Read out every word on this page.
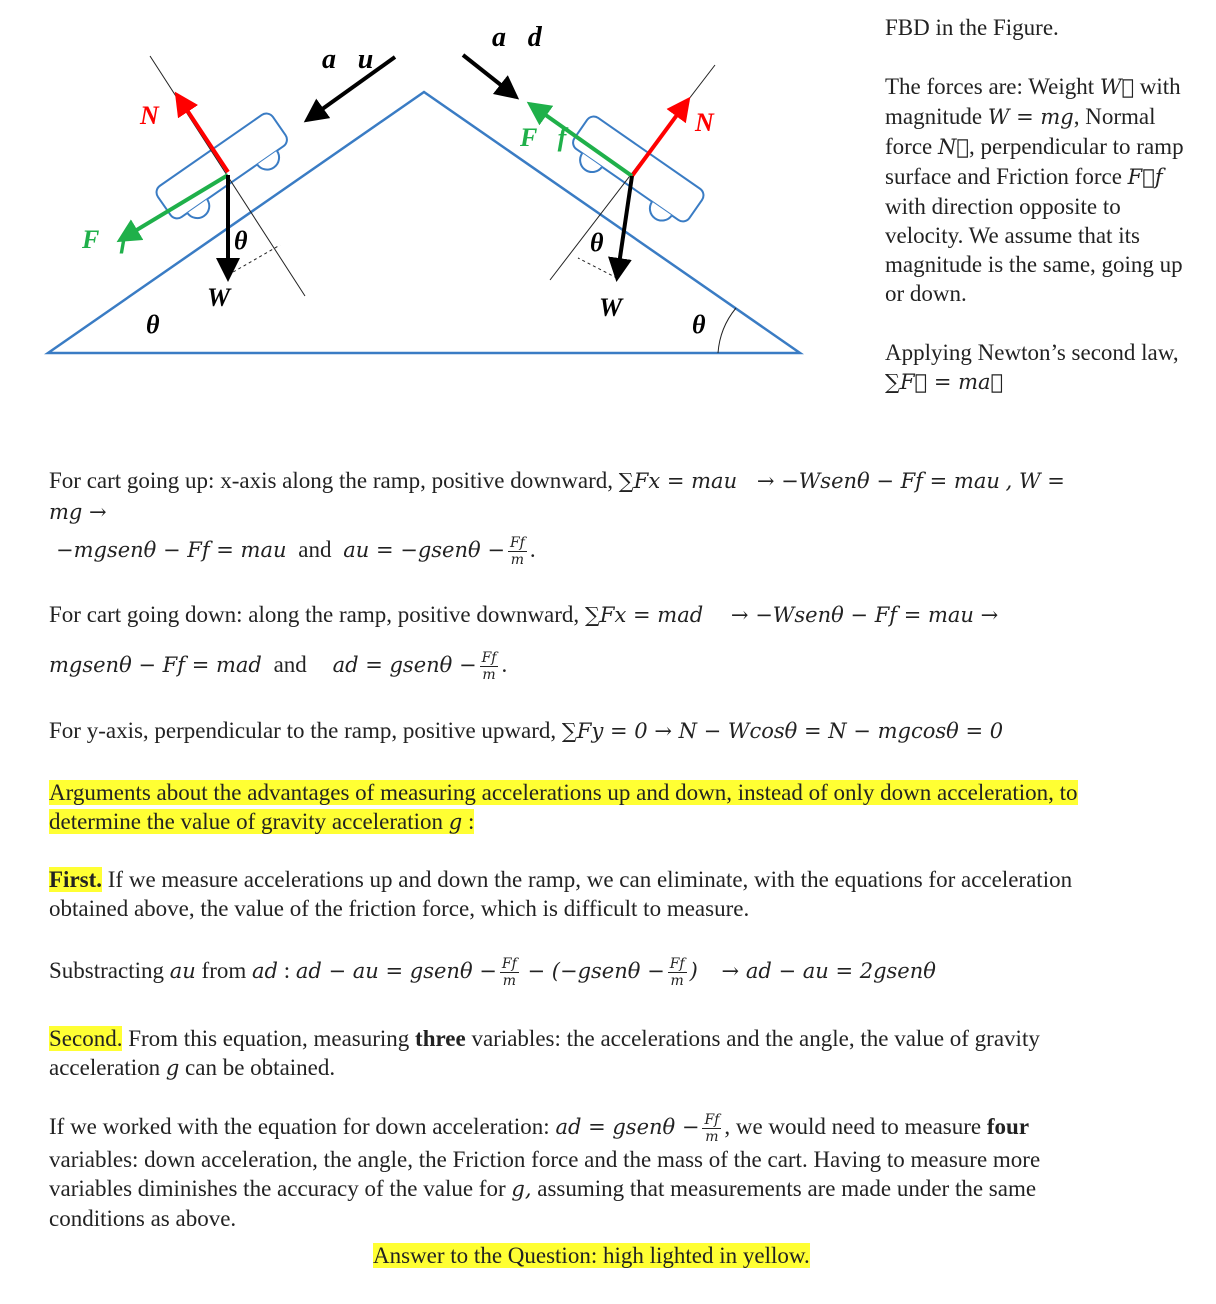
a⃗u
a⃗d
N⃗	N⃗
F⃗f
F⃗f
W⃗	W⃗
θ	θ
θ	θ
FBD in the Figure.
The forces are: Weight W⃗ with magnitude W = mg, Normal force N⃗, perpendicular to ramp surface and Friction force F⃗f with direction opposite to velocity. We assume that its magnitude is the same, going up or down.
Applying Newton’s second law, ∑F⃗ = ma⃗
For cart going up: x-axis along the ramp, positive downward, ∑Fx = mau → −Wsenθ − Ff = mau , W =
mg →
−mgsenθ − Ff = mau and au = −gsenθ − $\frac{Ff}{m}$ .
For cart going down: along the ramp, positive downward, ∑Fx = mad → −Wsenθ − Ff = mau →
mgsenθ − Ff = mad and ad = gsenθ − $\frac{Ff}{m}$ .
For y-axis, perpendicular to the ramp, positive upward, ∑Fy = 0 → N − Wcosθ = N − mgcosθ = 0
Arguments about the advantages of measuring accelerations up and down, instead of only down acceleration, to
determine the value of gravity acceleration g :
First. If we measure accelerations up and down the ramp, we can eliminate, with the equations for acceleration
obtained above, the value of the friction force, which is difficult to measure.
Substracting au from ad : ad − au = gsenθ − $\frac{Ff}{m}$ − (−gsenθ − $\frac{Ff}{m}$ ) → ad − au = 2gsenθ
Second. From this equation, measuring three variables: the accelerations and the angle, the value of gravity
acceleration g can be obtained.
If we worked with the equation for down acceleration: ad = gsenθ − $\frac{Ff}{m}$ , we would need to measure four
variables: down acceleration, the angle, the Friction force and the mass of the cart. Having to measure more
variables diminishes the accuracy of the value for g, assuming that measurements are made under the same
conditions as above.
Answer to the Question: high lighted in yellow.
